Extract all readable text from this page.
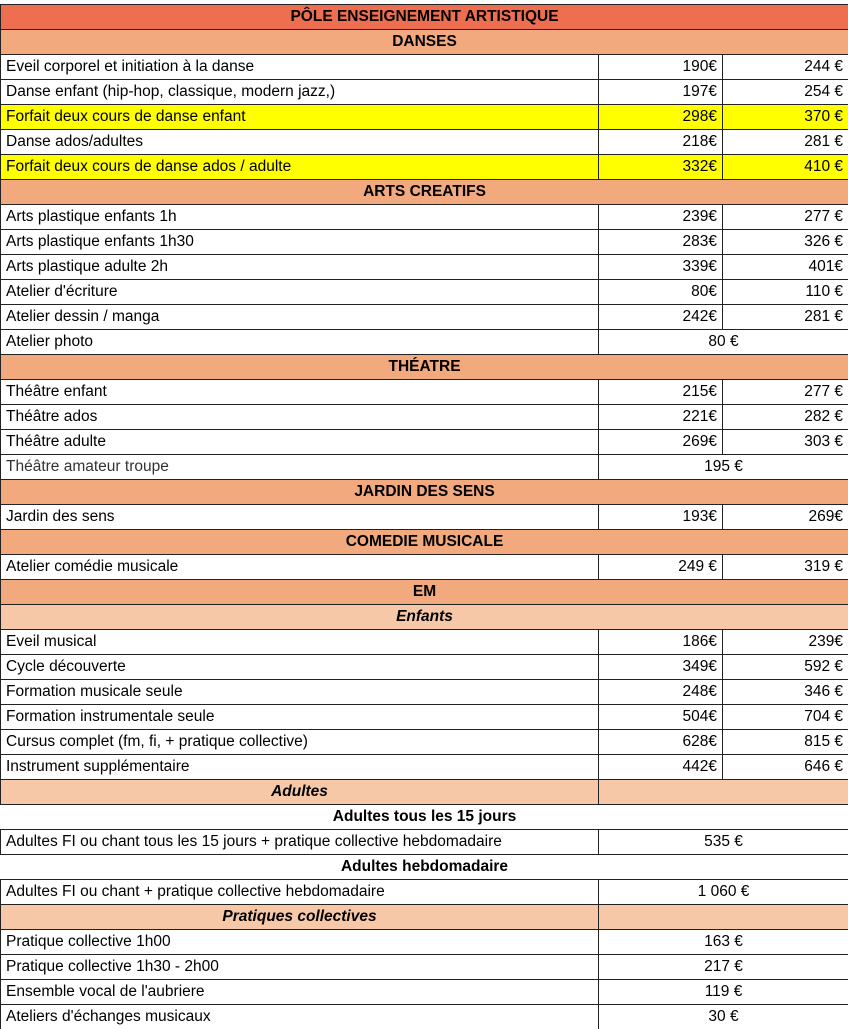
PÔLE ENSEIGNEMENT ARTISTIQUE		
DANSES		
Eveil corporel et initiation à la danse	190€	244 €
Danse enfant (hip-hop, classique, modern jazz,)	197€	254 €
Forfait deux cours de danse enfant	298€	370 €
Danse ados/adultes	218€	281 €
Forfait deux cours de danse ados / adulte	332€	410 €
ARTS CREATIFS		
Arts plastique enfants 1h	239€	277 €
Arts plastique enfants 1h30	283€	326 €
Arts plastique adulte 2h	339€	401€
Atelier d'écriture	80€	110 €
Atelier dessin / manga	242€	281 €
Atelier photo	80 €	
THÉATRE		
Théâtre enfant	215€	277 €
Théâtre ados	221€	282 €
Théâtre adulte	269€	303 €
Théâtre amateur troupe	195 €	
JARDIN DES SENS		
Jardin des sens	193€	269€
COMEDIE MUSICALE		
Atelier comédie musicale	249 €	319 €
EM		
Enfants		
Eveil musical	186€	239€
Cycle découverte	349€	592 €
Formation musicale seule	248€	346 €
Formation instrumentale seule	504€	704 €
Cursus complet (fm, fi, + pratique collective)	628€	815 €
Instrument supplémentaire	442€	646 €
Adultes		
Adultes tous les 15 jours		
Adultes FI ou chant tous les 15 jours + pratique collective hebdomadaire	535 €	
Adultes hebdomadaire		
Adultes FI ou chant + pratique collective hebdomadaire	1 060 €	
Pratiques collectives		
Pratique collective 1h00	163 €	
Pratique collective 1h30 - 2h00	217 €	
Ensemble vocal de l'aubriere	119 €	
Ateliers d'échanges musicaux	30 €	
